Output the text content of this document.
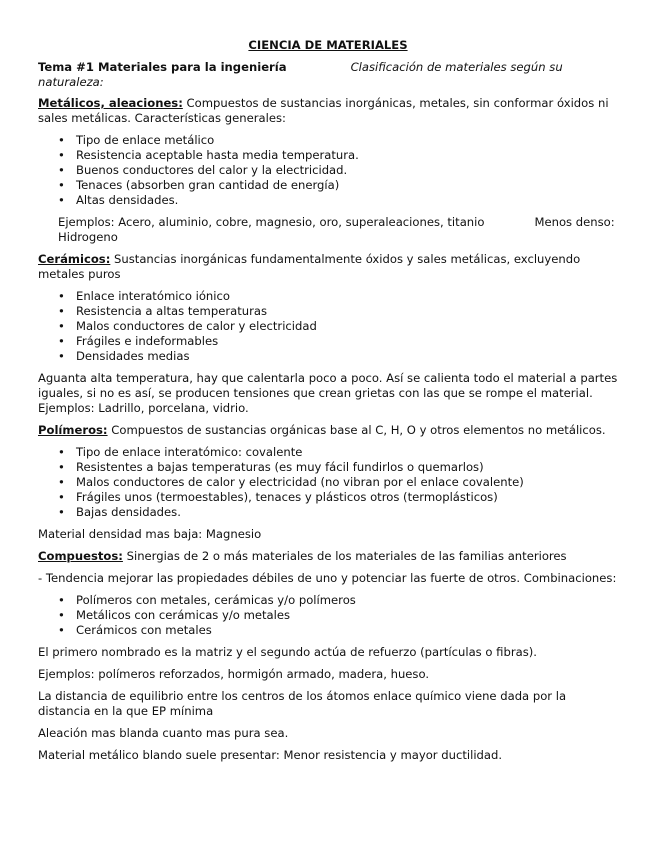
CIENCIA DE MATERIALES

Tema #1 Materiales para la ingeniería	Clasificación de materiales según su naturaleza:

Metálicos, aleaciones: Compuestos de sustancias inorgánicas, metales, sin conformar óxidos ni sales metálicas. Características generales:

• Tipo de enlace metálico
• Resistencia aceptable hasta media temperatura.
• Buenos conductores del calor y la electricidad.
• Tenaces (absorben gran cantidad de energía)
• Altas densidades.

Ejemplos: Acero, aluminio, cobre, magnesio, oro, superaleaciones, titanio	Menos denso: Hidrogeno

Cerámicos: Sustancias inorgánicas fundamentalmente óxidos y sales metálicas, excluyendo metales puros

• Enlace interatómico iónico
• Resistencia a altas temperaturas
• Malos conductores de calor y electricidad
• Frágiles e indeformables
• Densidades medias

Aguanta alta temperatura, hay que calentarla poco a poco. Así se calienta todo el material a partes iguales, si no es así, se producen tensiones que crean grietas con las que se rompe el material. Ejemplos: Ladrillo, porcelana, vidrio.

Polímeros: Compuestos de sustancias orgánicas base al C, H, O y otros elementos no metálicos.

• Tipo de enlace interatómico: covalente
• Resistentes a bajas temperaturas (es muy fácil fundirlos o quemarlos)
• Malos conductores de calor y electricidad (no vibran por el enlace covalente)
• Frágiles unos (termoestables), tenaces y plásticos otros (termoplásticos)
• Bajas densidades.

Material densidad mas baja: Magnesio

Compuestos: Sinergias de 2 o más materiales de los materiales de las familias anteriores

- Tendencia mejorar las propiedades débiles de uno y potenciar las fuerte de otros. Combinaciones:

• Polímeros con metales, cerámicas y/o polímeros
• Metálicos con cerámicas y/o metales
• Cerámicos con metales

El primero nombrado es la matriz y el segundo actúa de refuerzo (partículas o fibras).

Ejemplos: polímeros reforzados, hormigón armado, madera, hueso.

La distancia de equilibrio entre los centros de los átomos enlace químico viene dada por la distancia en la que EP mínima

Aleación mas blanda cuanto mas pura sea.

Material metálico blando suele presentar: Menor resistencia y mayor ductilidad.
